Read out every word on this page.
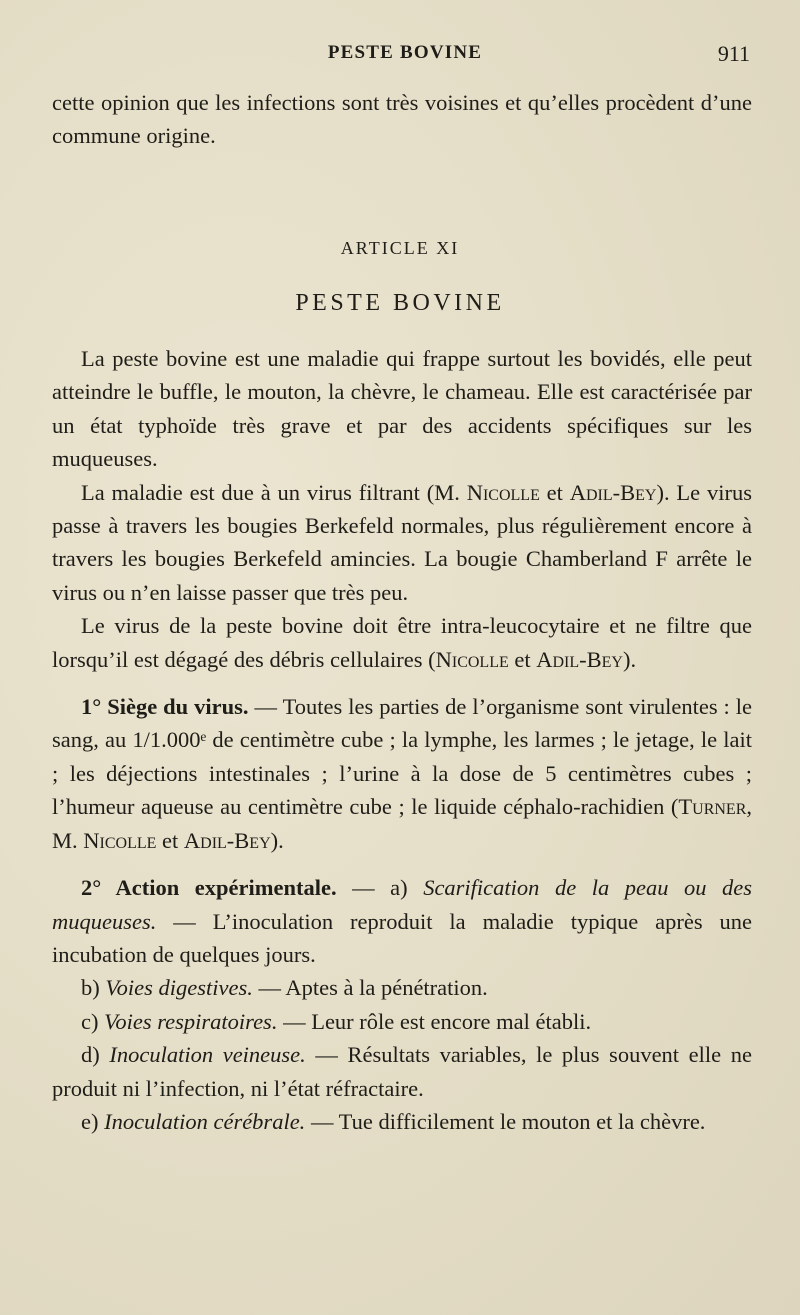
PESTE BOVINE	911

cette opinion que les infections sont très voisines et qu’elles procèdent d’une commune origine.

ARTICLE XI
PESTE BOVINE

La peste bovine est une maladie qui frappe surtout les bovidés, elle peut atteindre le buffle, le mouton, la chèvre, le chameau. Elle est caractérisée par un état typhoïde très grave et par des accidents spécifiques sur les muqueuses.

La maladie est due à un virus filtrant (M. Nicolle et Adil-Bey). Le virus passe à travers les bougies Berkefeld normales, plus régulièrement encore à travers les bougies Berkefeld amincies. La bougie Chamberland F arrête le virus ou n’en laisse passer que très peu.

Le virus de la peste bovine doit être intra-leucocytaire et ne filtre que lorsqu’il est dégagé des débris cellulaires (Nicolle et Adil-Bey).

1° Siège du virus. — Toutes les parties de l’organisme sont virulentes : le sang, au 1/1.000ᵉ de centimètre cube ; la lymphe, les larmes ; le jetage, le lait ; les déjections intestinales ; l’urine à la dose de 5 centimètres cubes ; l’humeur aqueuse au centimètre cube ; le liquide céphalo-rachidien (Turner, M. Nicolle et Adil-Bey).

2° Action expérimentale. — a) Scarification de la peau ou des muqueuses. — L’inoculation reproduit la maladie typique après une incubation de quelques jours.

b) Voies digestives. — Aptes à la pénétration.

c) Voies respiratoires. — Leur rôle est encore mal établi.

d) Inoculation veineuse. — Résultats variables, le plus souvent elle ne produit ni l’infection, ni l’état réfractaire.

e) Inoculation cérébrale. — Tue difficilement le mouton et la chèvre.
